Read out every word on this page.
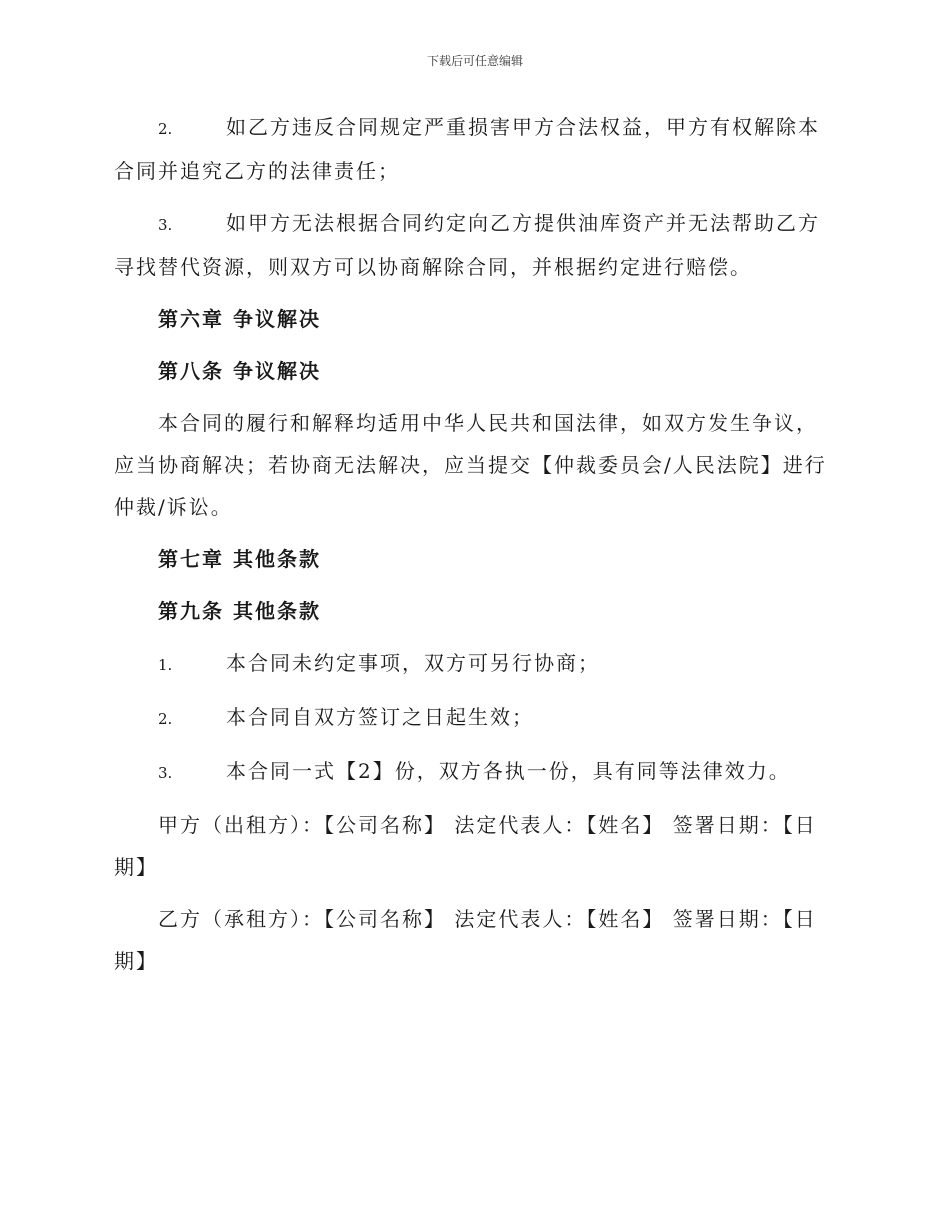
下载后可任意编辑
2.	如乙方违反合同规定严重损害甲方合法权益，甲方有权解除本合同并追究乙方的法律责任；
3.	如甲方无法根据合同约定向乙方提供油库资产并无法帮助乙方寻找替代资源，则双方可以协商解除合同，并根据约定进行赔偿。
第六章 争议解决
第八条 争议解决
本合同的履行和解释均适用中华人民共和国法律，如双方发生争议，应当协商解决；若协商无法解决，应当提交【仲裁委员会/人民法院】进行仲裁/诉讼。
第七章 其他条款
第九条 其他条款
1.	本合同未约定事项，双方可另行协商；
2.	本合同自双方签订之日起生效；
3.	本合同一式【2】份，双方各执一份，具有同等法律效力。
甲方（出租方）：【公司名称】 法定代表人：【姓名】 签署日期：【日期】
乙方（承租方）：【公司名称】 法定代表人：【姓名】 签署日期：【日期】
